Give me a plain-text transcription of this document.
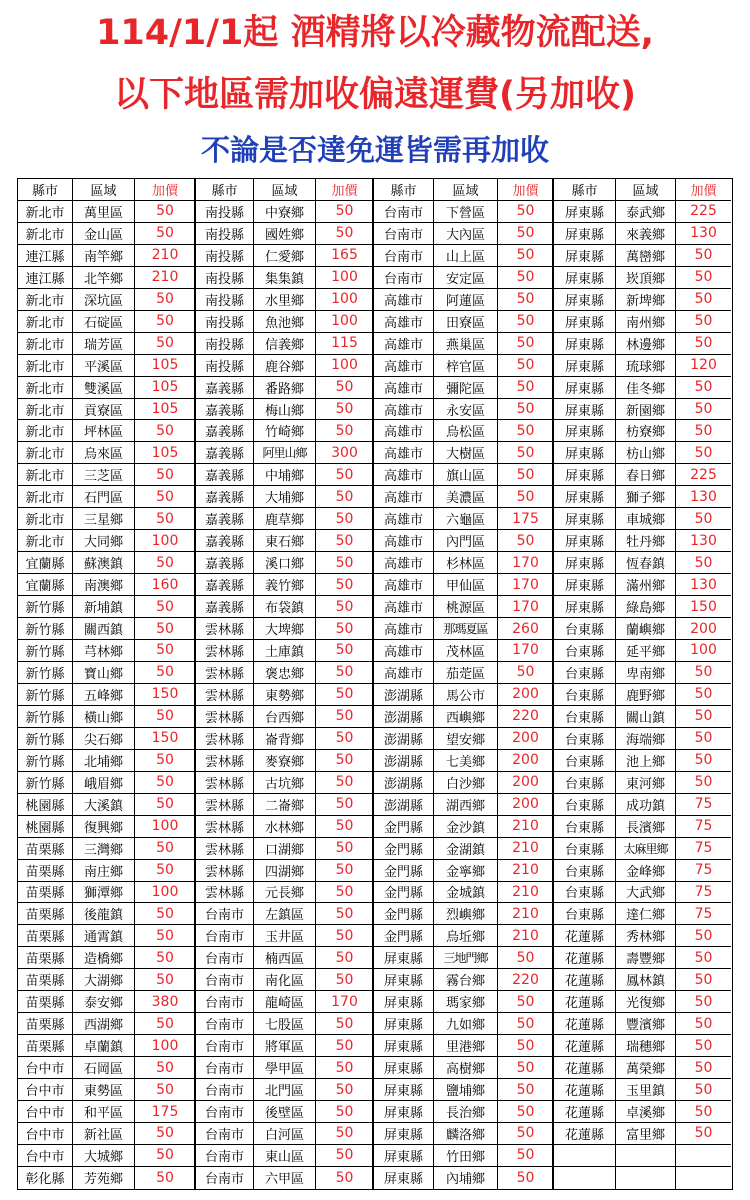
114/1/1起 酒精將以冷藏物流配送,
以下地區需加收偏遠運費(另加收)
不論是否達免運皆需再加收
縣市	區域	加價
新北市	萬里區	50
新北市	金山區	50
連江縣	南竿鄉	210
連江縣	北竿鄉	210
新北市	深坑區	50
新北市	石碇區	50
新北市	瑞芳區	50
新北市	平溪區	105
新北市	雙溪區	105
新北市	貢寮區	105
新北市	坪林區	50
新北市	烏來區	105
新北市	三芝區	50
新北市	石門區	50
新北市	三星鄉	50
新北市	大同鄉	100
宜蘭縣	蘇澳鎮	50
宜蘭縣	南澳鄉	160
新竹縣	新埔鎮	50
新竹縣	關西鎮	50
新竹縣	芎林鄉	50
新竹縣	寶山鄉	50
新竹縣	五峰鄉	150
新竹縣	橫山鄉	50
新竹縣	尖石鄉	150
新竹縣	北埔鄉	50
新竹縣	峨眉鄉	50
桃園縣	大溪鎮	50
桃園縣	復興鄉	100
苗栗縣	三灣鄉	50
苗栗縣	南庄鄉	50
苗栗縣	獅潭鄉	100
苗栗縣	後龍鎮	50
苗栗縣	通霄鎮	50
苗栗縣	造橋鄉	50
苗栗縣	大湖鄉	50
苗栗縣	泰安鄉	380
苗栗縣	西湖鄉	50
苗栗縣	卓蘭鎮	100
台中市	石岡區	50
台中市	東勢區	50
台中市	和平區	175
台中市	新社區	50
台中市	大城鄉	50
彰化縣	芳苑鄉	50
縣市	區域	加價
南投縣	中寮鄉	50
南投縣	國姓鄉	50
南投縣	仁愛鄉	165
南投縣	集集鎮	100
南投縣	水里鄉	100
南投縣	魚池鄉	100
南投縣	信義鄉	115
南投縣	鹿谷鄉	100
嘉義縣	番路鄉	50
嘉義縣	梅山鄉	50
嘉義縣	竹崎鄉	50
嘉義縣	阿里山鄉	300
嘉義縣	中埔鄉	50
嘉義縣	大埔鄉	50
嘉義縣	鹿草鄉	50
嘉義縣	東石鄉	50
嘉義縣	溪口鄉	50
嘉義縣	義竹鄉	50
嘉義縣	布袋鎮	50
雲林縣	大埤鄉	50
雲林縣	土庫鎮	50
雲林縣	褒忠鄉	50
雲林縣	東勢鄉	50
雲林縣	台西鄉	50
雲林縣	崙背鄉	50
雲林縣	麥寮鄉	50
雲林縣	古坑鄉	50
雲林縣	二崙鄉	50
雲林縣	水林鄉	50
雲林縣	口湖鄉	50
雲林縣	四湖鄉	50
雲林縣	元長鄉	50
台南市	左鎮區	50
台南市	玉井區	50
台南市	楠西區	50
台南市	南化區	50
台南市	龍崎區	170
台南市	七股區	50
台南市	將軍區	50
台南市	學甲區	50
台南市	北門區	50
台南市	後壁區	50
台南市	白河區	50
台南市	東山區	50
台南市	六甲區	50
縣市	區域	加價
台南市	下營區	50
台南市	大內區	50
台南市	山上區	50
台南市	安定區	50
高雄市	阿蓮區	50
高雄市	田寮區	50
高雄市	燕巢區	50
高雄市	梓官區	50
高雄市	彌陀區	50
高雄市	永安區	50
高雄市	烏松區	50
高雄市	大樹區	50
高雄市	旗山區	50
高雄市	美濃區	50
高雄市	六龜區	175
高雄市	內門區	50
高雄市	杉林區	170
高雄市	甲仙區	170
高雄市	桃源區	170
高雄市	那瑪夏區	260
高雄市	茂林區	170
高雄市	茄萣區	50
澎湖縣	馬公市	200
澎湖縣	西嶼鄉	220
澎湖縣	望安鄉	200
澎湖縣	七美鄉	200
澎湖縣	白沙鄉	200
澎湖縣	湖西鄉	200
金門縣	金沙鎮	210
金門縣	金湖鎮	210
金門縣	金寧鄉	210
金門縣	金城鎮	210
金門縣	烈嶼鄉	210
金門縣	烏坵鄉	210
屏東縣	三地門鄉	50
屏東縣	霧台鄉	220
屏東縣	瑪家鄉	50
屏東縣	九如鄉	50
屏東縣	里港鄉	50
屏東縣	高樹鄉	50
屏東縣	鹽埔鄉	50
屏東縣	長治鄉	50
屏東縣	麟洛鄉	50
屏東縣	竹田鄉	50
屏東縣	內埔鄉	50
縣市	區域	加價
屏東縣	泰武鄉	225
屏東縣	來義鄉	130
屏東縣	萬巒鄉	50
屏東縣	崁頂鄉	50
屏東縣	新埤鄉	50
屏東縣	南州鄉	50
屏東縣	林邊鄉	50
屏東縣	琉球鄉	120
屏東縣	佳冬鄉	50
屏東縣	新園鄉	50
屏東縣	枋寮鄉	50
屏東縣	枋山鄉	50
屏東縣	春日鄉	225
屏東縣	獅子鄉	130
屏東縣	車城鄉	50
屏東縣	牡丹鄉	130
屏東縣	恆春鎮	50
屏東縣	滿州鄉	130
屏東縣	綠島鄉	150
台東縣	蘭嶼鄉	200
台東縣	延平鄉	100
台東縣	卑南鄉	50
台東縣	鹿野鄉	50
台東縣	關山鎮	50
台東縣	海端鄉	50
台東縣	池上鄉	50
台東縣	東河鄉	50
台東縣	成功鎮	75
台東縣	長濱鄉	75
台東縣	太麻里鄉	75
台東縣	金峰鄉	75
台東縣	大武鄉	75
台東縣	達仁鄉	75
花蓮縣	秀林鄉	50
花蓮縣	壽豐鄉	50
花蓮縣	鳳林鎮	50
花蓮縣	光復鄉	50
花蓮縣	豐濱鄉	50
花蓮縣	瑞穗鄉	50
花蓮縣	萬榮鄉	50
花蓮縣	玉里鎮	50
花蓮縣	卓溪鄉	50
花蓮縣	富里鄉	50
